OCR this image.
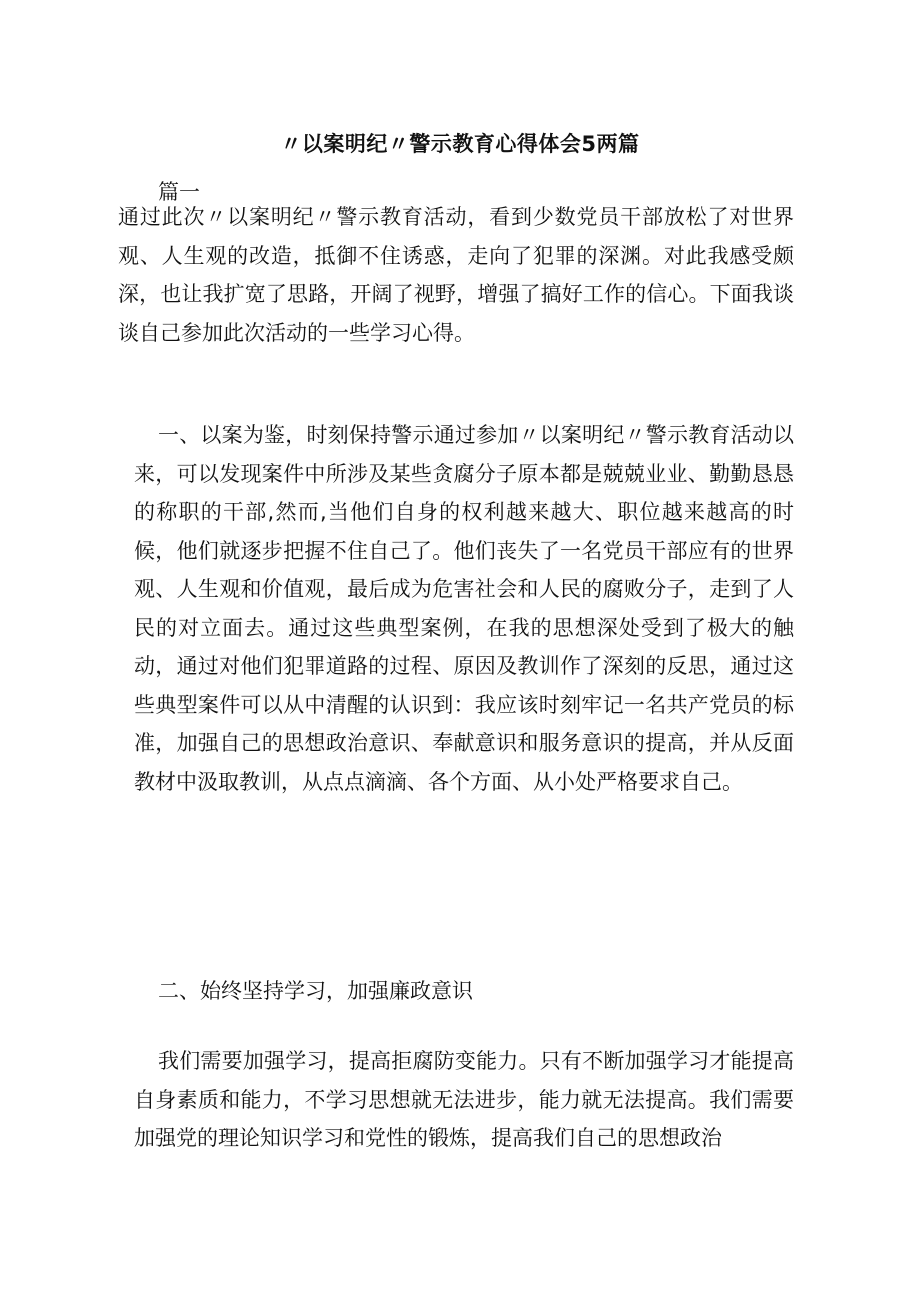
〃以案明纪〃警示教育心得体会5两篇
篇一

通过此次〃以案明纪〃警示教育活动，看到少数党员干部放松了对世界观、人生观的改造，抵御不住诱惑，走向了犯罪的深渊。对此我感受颇深，也让我扩宽了思路，开阔了视野，增强了搞好工作的信心。下面我谈谈自己参加此次活动的一些学习心得。

一、以案为鉴，时刻保持警示通过参加〃以案明纪〃警示教育活动以来，可以发现案件中所涉及某些贪腐分子原本都是兢兢业业、勤勤恳恳的称职的干部,然而,当他们自身的权利越来越大、职位越来越高的时候，他们就逐步把握不住自己了。他们丧失了一名党员干部应有的世界观、人生观和价值观，最后成为危害社会和人民的腐败分子，走到了人民的对立面去。通过这些典型案例，在我的思想深处受到了极大的触动，通过对他们犯罪道路的过程、原因及教训作了深刻的反思，通过这些典型案件可以从中清醒的认识到：我应该时刻牢记一名共产党员的标准，加强自己的思想政治意识、奉献意识和服务意识的提高，并从反面教材中汲取教训，从点点滴滴、各个方面、从小处严格要求自己。

二、始终坚持学习，加强廉政意识

我们需要加强学习，提高拒腐防变能力。只有不断加强学习才能提高自身素质和能力，不学习思想就无法进步，能力就无法提高。我们需要加强党的理论知识学习和党性的锻炼，提高我们自己的思想政治
